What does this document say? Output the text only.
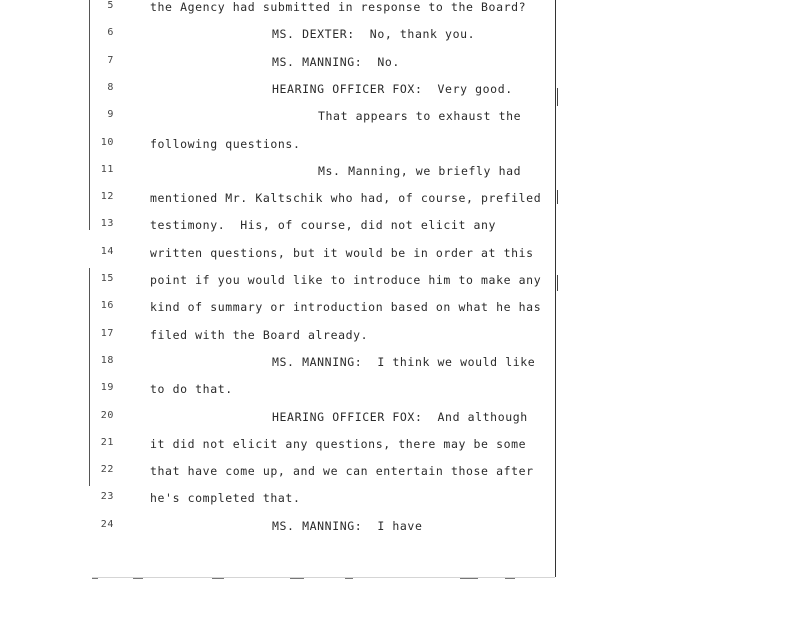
5	the Agency had submitted in response to the Board?
6	MS. DEXTER:  No, thank you.
7	MS. MANNING:  No.
8	HEARING OFFICER FOX:  Very good.
9	That appears to exhaust the
10	following questions.
11	Ms. Manning, we briefly had
12	mentioned Mr. Kaltschik who had, of course, prefiled
13	testimony.  His, of course, did not elicit any
14	written questions, but it would be in order at this
15	point if you would like to introduce him to make any
16	kind of summary or introduction based on what he has
17	filed with the Board already.
18	MS. MANNING:  I think we would like
19	to do that.
20	HEARING OFFICER FOX:  And although
21	it did not elicit any questions, there may be some
22	that have come up, and we can entertain those after
23	he's completed that.
24	MS. MANNING:  I have
